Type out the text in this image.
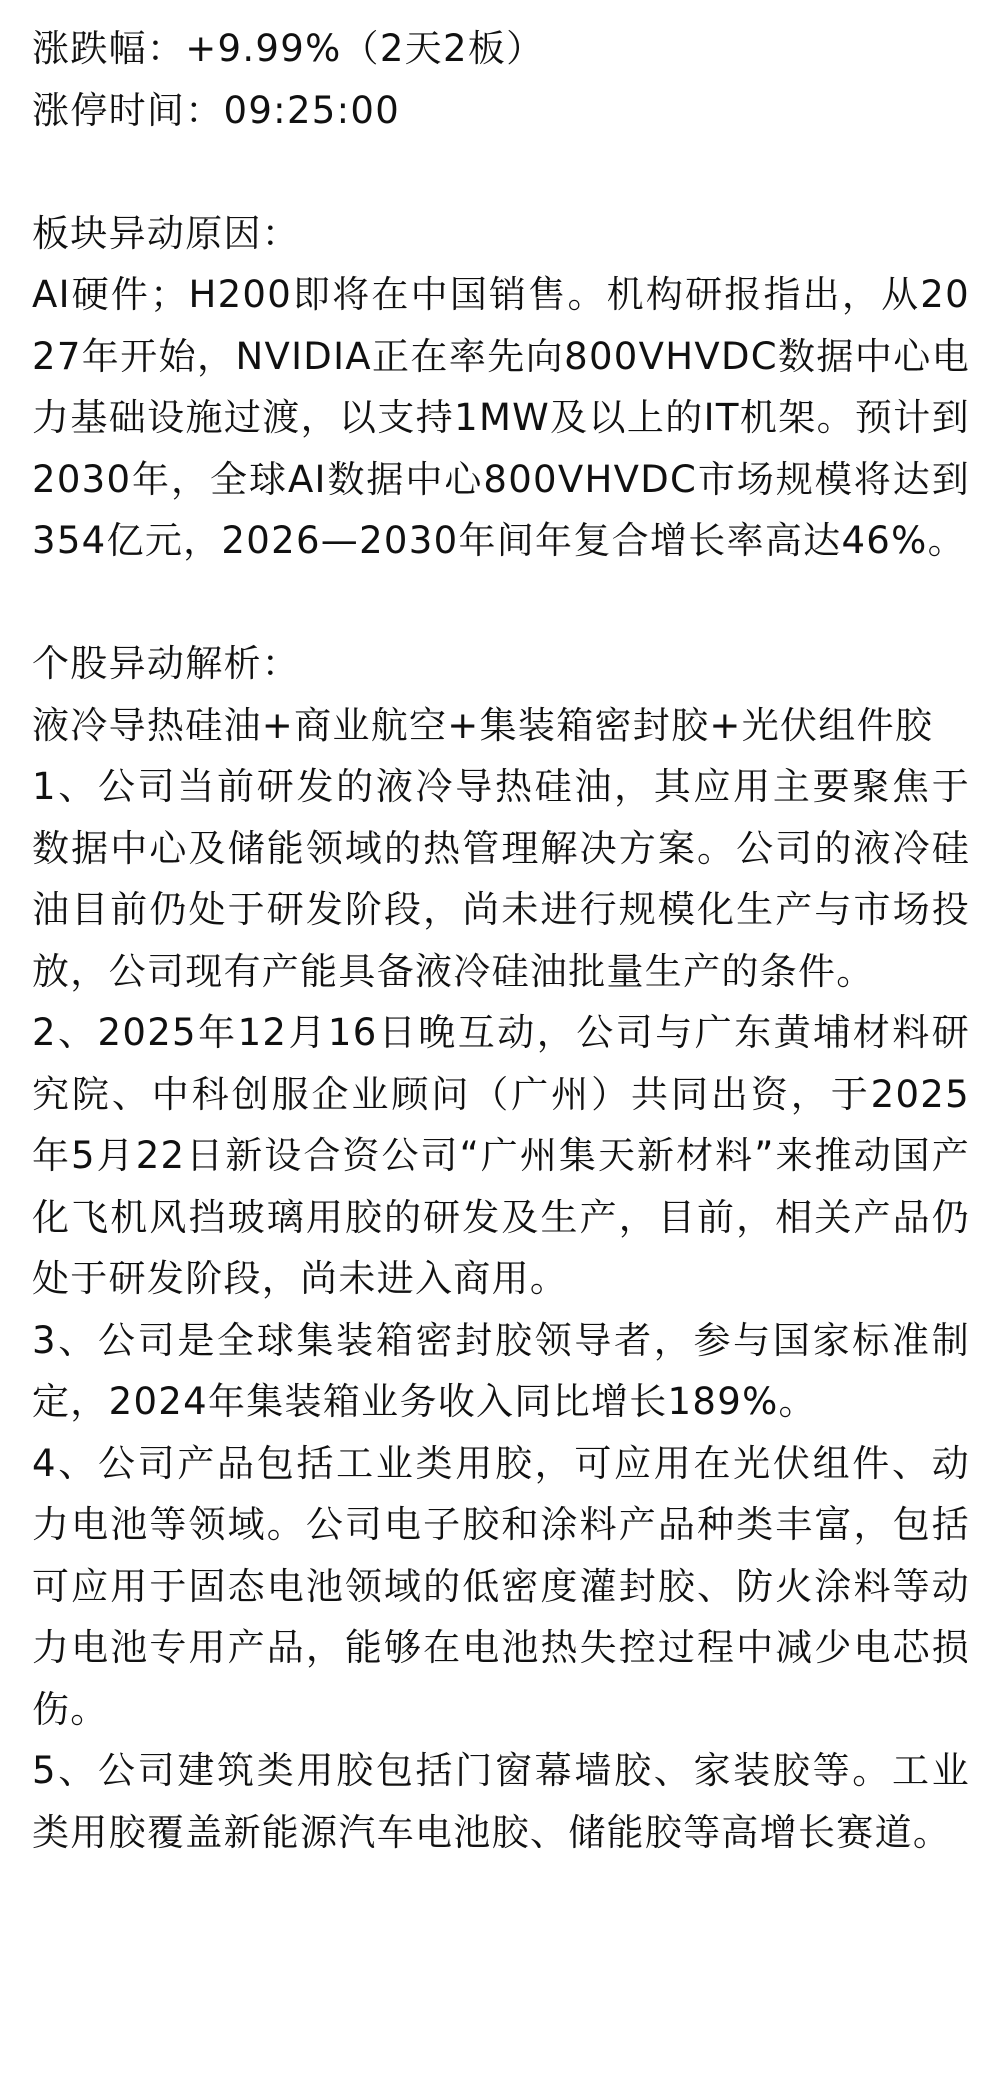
涨跌幅：+9.99%（2天2板）

涨停时间：09:25:00

板块异动原因：

AI硬件；H200即将在中国销售。机构研报指出，从2027年开始，NVIDIA正在率先向800VHVDC数据中心电力基础设施过渡，以支持1MW及以上的IT机架。预计到2030年，全球AI数据中心800VHVDC市场规模将达到354亿元，2026—2030年间年复合增长率高达46%。

个股异动解析：

液冷导热硅油+商业航空+集装箱密封胶+光伏组件胶

1、公司当前研发的液冷导热硅油，其应用主要聚焦于数据中心及储能领域的热管理解决方案。公司的液冷硅油目前仍处于研发阶段，尚未进行规模化生产与市场投放，公司现有产能具备液冷硅油批量生产的条件。

2、2025年12月16日晚互动，公司与广东黄埔材料研究院、中科创服企业顾问（广州）共同出资，于2025年5月22日新设合资公司“广州集天新材料”来推动国产化飞机风挡玻璃用胶的研发及生产，目前，相关产品仍处于研发阶段，尚未进入商用。

3、公司是全球集装箱密封胶领导者，参与国家标准制定，2024年集装箱业务收入同比增长189%。

4、公司产品包括工业类用胶，可应用在光伏组件、动力电池等领域。公司电子胶和涂料产品种类丰富，包括可应用于固态电池领域的低密度灌封胶、防火涂料等动力电池专用产品，能够在电池热失控过程中减少电芯损伤。

5、公司建筑类用胶包括门窗幕墙胶、家装胶等。工业类用胶覆盖新能源汽车电池胶、储能胶等高增长赛道。
